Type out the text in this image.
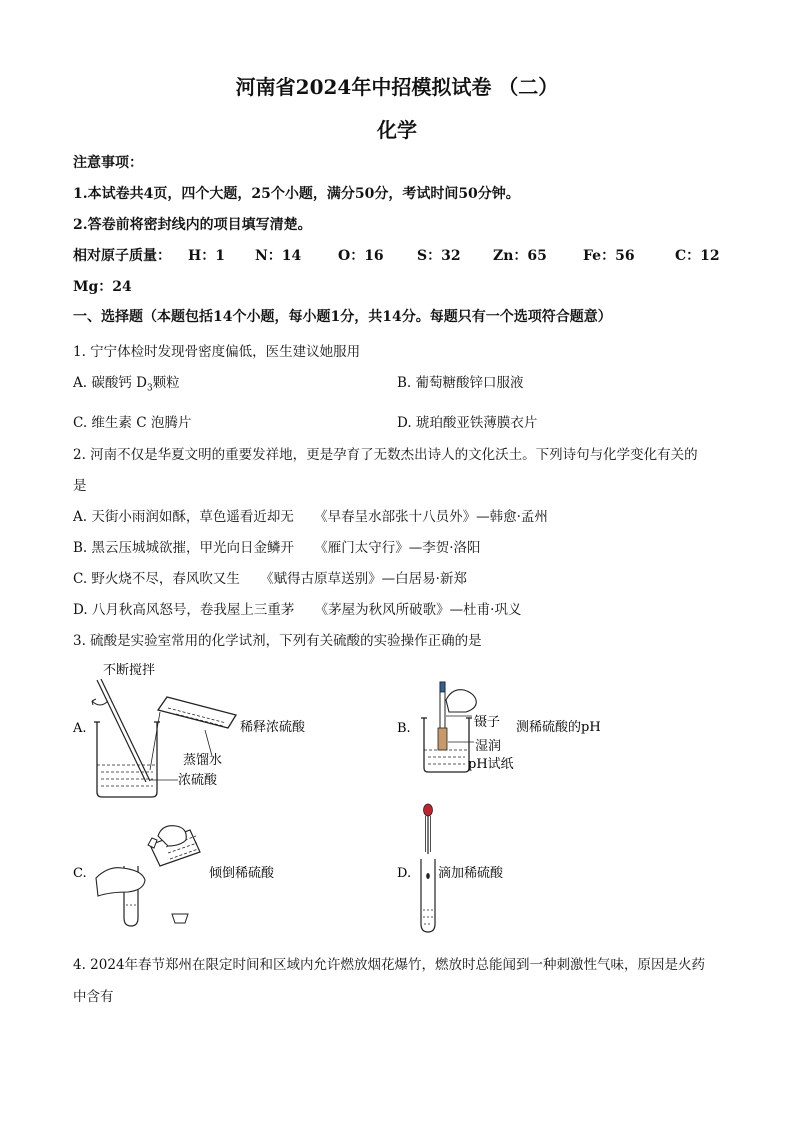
河南省2024年中招模拟试卷 （二）
化学
注意事项：
1.本试卷共4页，四个大题，25个小题，满分50分，考试时间50分钟。
2.答卷前将密封线内的项目填写清楚。
相对原子质量： H：1 N：14	O：16 S：32 Zn：65	Fe：56	C：12
Mg：24
一、选择题（本题包括14个小题，每小题1分，共14分。每题只有一个选项符合题意）
1. 宁宁体检时发现骨密度偏低，医生建议她服用
A. 碳酸钙 $D_3$颗粒	B. 葡萄糖酸锌口服液
C. 维生素 C 泡腾片	D. 琥珀酸亚铁薄膜衣片
2. 河南不仅是华夏文明的重要发祥地，更是孕育了无数杰出诗人的文化沃土。下列诗句与化学变化有关的
是
A. 天街小雨润如酥，草色遥看近却无　　《早春呈水部张十八员外》—韩愈·孟州
B. 黑云压城城欲摧，甲光向日金鳞开　　《雁门太守行》—李贺·洛阳
C. 野火烧不尽，春风吹又生　　《赋得古原草送别》—白居易·新郑
D. 八月秋高风怒号，卷我屋上三重茅　　《茅屋为秋风所破歌》—杜甫·巩义
3. 硫酸是实验室常用的化学试剂，下列有关硫酸的实验操作正确的是
A.
不断搅拌
稀释浓硫酸
蒸馏水
浓硫酸
B.	镊子 测稀硫酸的pH
湿润
pH试纸
C.	倾倒稀硫酸	D. 滴加稀硫酸
4. 2024年春节郑州在限定时间和区域内允许燃放烟花爆竹，燃放时总能闻到一种刺激性气味，原因是火药
中含有
